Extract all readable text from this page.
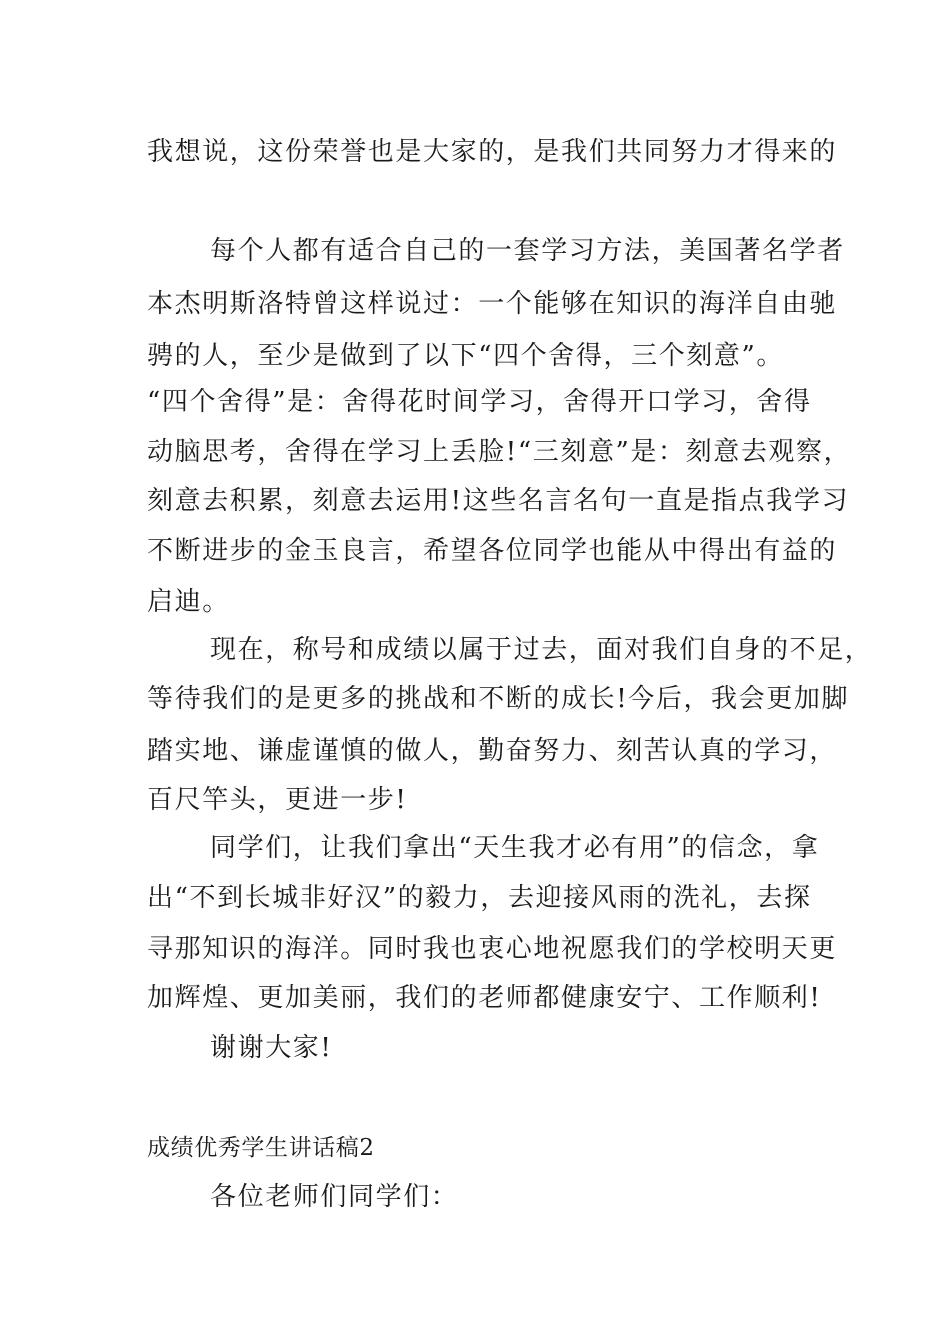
我想说，这份荣誉也是大家的，是我们共同努力才得来的
每个人都有适合自己的一套学习方法，美国著名学者
本杰明斯洛特曾这样说过：一个能够在知识的海洋自由驰
骋的人，至少是做到了以下“四个舍得，三个刻意”。
“四个舍得”是：舍得花时间学习，舍得开口学习，舍得
动脑思考，舍得在学习上丢脸!“三刻意”是：刻意去观察，
刻意去积累，刻意去运用!这些名言名句一直是指点我学习
不断进步的金玉良言，希望各位同学也能从中得出有益的
启迪。
现在，称号和成绩以属于过去，面对我们自身的不足，
等待我们的是更多的挑战和不断的成长!今后，我会更加脚
踏实地、谦虚谨慎的做人，勤奋努力、刻苦认真的学习，
百尺竿头，更进一步!
同学们，让我们拿出“天生我才必有用”的信念，拿
出“不到长城非好汉”的毅力，去迎接风雨的洗礼，去探
寻那知识的海洋。同时我也衷心地祝愿我们的学校明天更
加辉煌、更加美丽，我们的老师都健康安宁、工作顺利!
谢谢大家!
成绩优秀学生讲话稿2
各位老师们同学们：
